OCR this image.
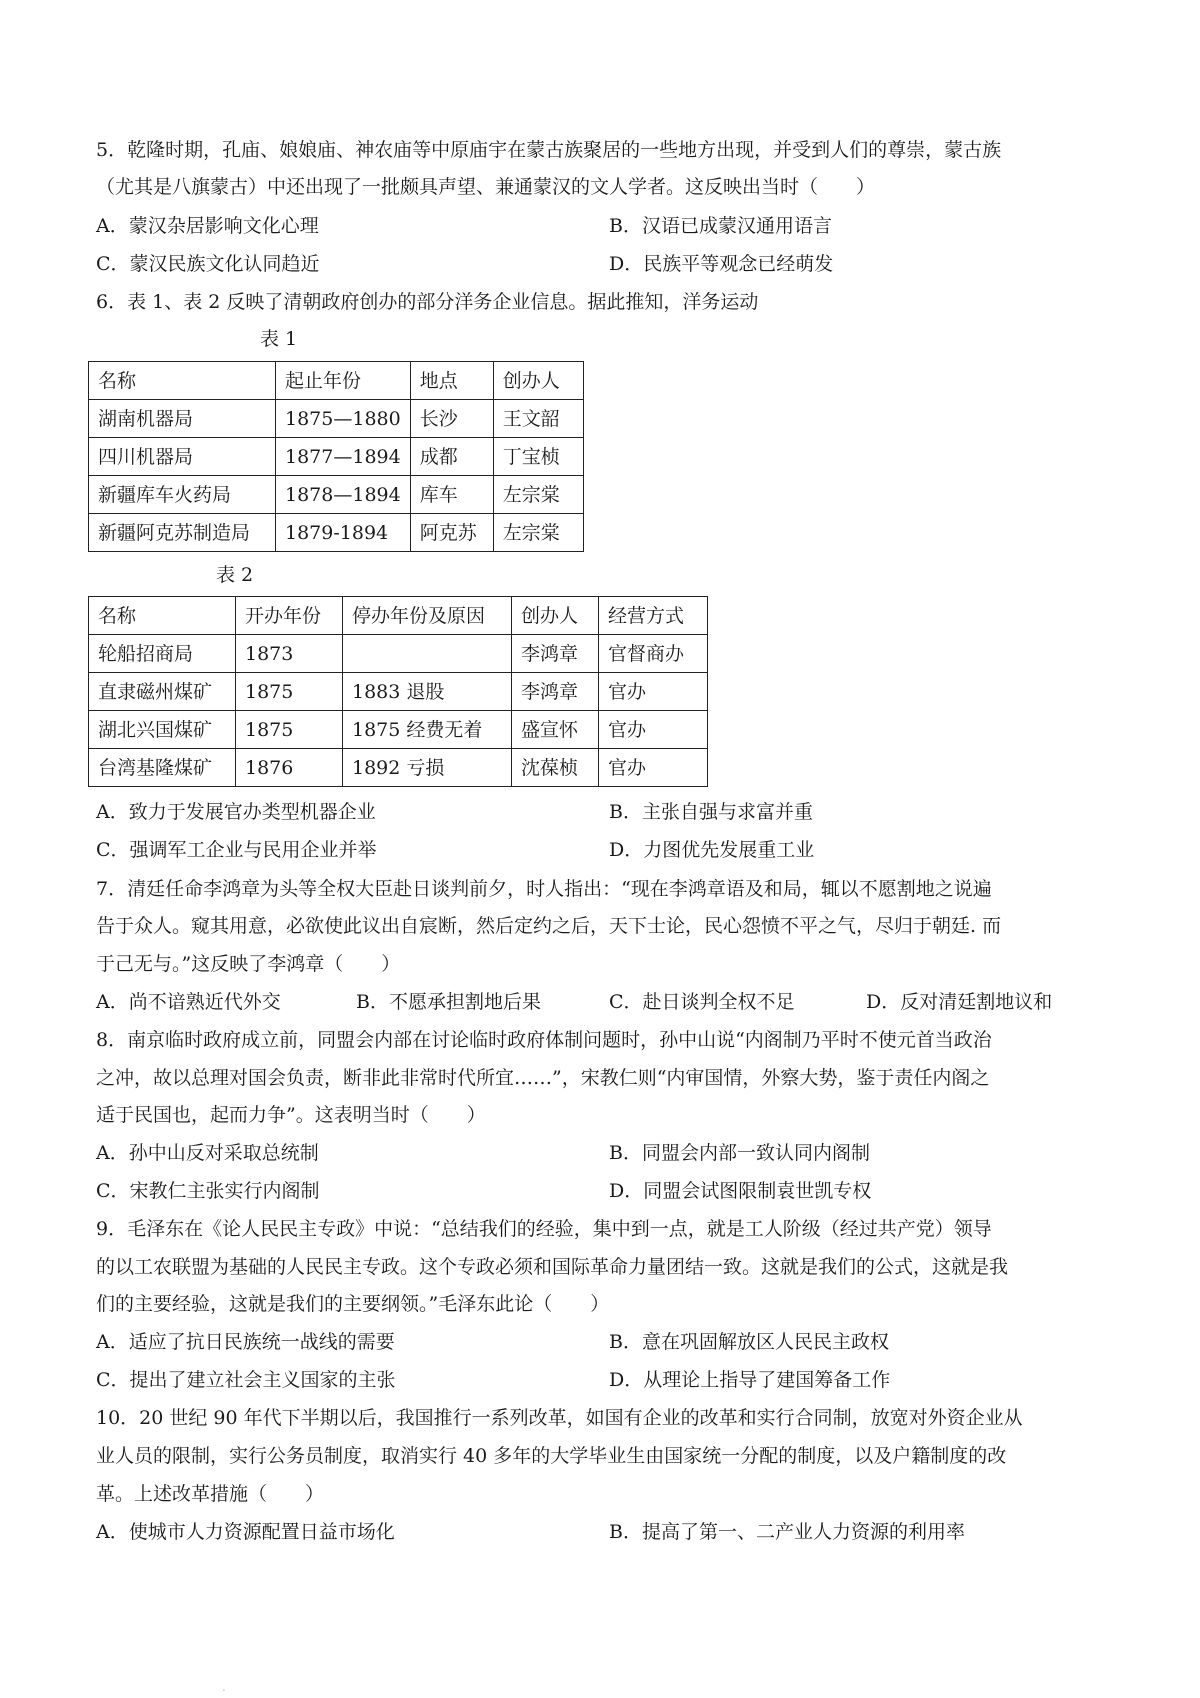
5．乾隆时期，孔庙、娘娘庙、神农庙等中原庙宇在蒙古族聚居的一些地方出现，并受到人们的尊崇，蒙古族
（尤其是八旗蒙古）中还出现了一批颇具声望、兼通蒙汉的文人学者。这反映出当时（　　）
A．蒙汉杂居影响文化心理	B．汉语已成蒙汉通用语言
C．蒙汉民族文化认同趋近	D．民族平等观念已经萌发
6．表 1、表 2 反映了清朝政府创办的部分洋务企业信息。据此推知，洋务运动
表 1
名称	起止年份	地点	创办人
湖南机器局	1875—1880	长沙	王文韶
四川机器局	1877—1894	成都	丁宝桢
新疆库车火药局	1878—1894	库车	左宗棠
新疆阿克苏制造局	1879-1894	阿克苏	左宗棠
表 2
名称	开办年份	停办年份及原因	创办人	经营方式
轮船招商局	1873		李鸿章	官督商办
直隶磁州煤矿	1875	1883 退股	李鸿章	官办
湖北兴国煤矿	1875	1875 经费无着	盛宣怀	官办
台湾基隆煤矿	1876	1892 亏损	沈葆桢	官办
A．致力于发展官办类型机器企业	B．主张自强与求富并重
C．强调军工企业与民用企业并举	D．力图优先发展重工业
7．清廷任命李鸿章为头等全权大臣赴日谈判前夕，时人指出：“现在李鸿章语及和局，辄以不愿割地之说遍
告于众人。窥其用意，必欲使此议出自宸断，然后定约之后，天下士论，民心怨愤不平之气，尽归于朝廷. 而
于己无与。”这反映了李鸿章（　　）
A．尚不谙熟近代外交	B．不愿承担割地后果	C．赴日谈判全权不足	D．反对清廷割地议和
8．南京临时政府成立前，同盟会内部在讨论临时政府体制问题时，孙中山说“内阁制乃平时不使元首当政治
之冲，故以总理对国会负责，断非此非常时代所宜……”，宋教仁则“内审国情，外察大势，鉴于责任内阁之
适于民国也，起而力争”。这表明当时（　　）
A．孙中山反对采取总统制	B．同盟会内部一致认同内阁制
C．宋教仁主张实行内阁制	D．同盟会试图限制袁世凯专权
9．毛泽东在《论人民民主专政》中说：“总结我们的经验，集中到一点，就是工人阶级（经过共产党）领导
的以工农联盟为基础的人民民主专政。这个专政必须和国际革命力量团结一致。这就是我们的公式，这就是我
们的主要经验，这就是我们的主要纲领。”毛泽东此论（　　）
A．适应了抗日民族统一战线的需要	B．意在巩固解放区人民民主政权
C．提出了建立社会主义国家的主张	D．从理论上指导了建国筹备工作
10．20 世纪 90 年代下半期以后，我国推行一系列改革，如国有企业的改革和实行合同制，放宽对外资企业从
业人员的限制，实行公务员制度，取消实行 40 多年的大学毕业生由国家统一分配的制度，以及户籍制度的改
革。上述改革措施（　　）
A．使城市人力资源配置日益市场化	B．提高了第一、二产业人力资源的利用率
.
